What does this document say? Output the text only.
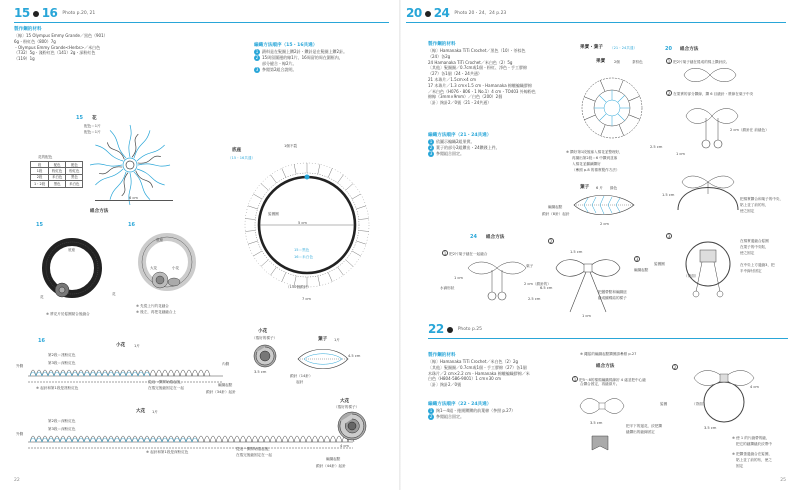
15 16 Photo p.20, 21
製作鋼的材料
〔線〕15 Olympus Emmy Grande／黑色（901）
6g・粉紅色（800）7g
・Olympus Emmy Grande<Herbs>／米白色
（732）5g・淺粉紅色（141）2g・深粉紅色
（119）1g
編織方法順序（15・16共通）
1 鎖料是在髮圈上鑽2針・鑽針是在髮圈上鑽2針。
2 15周留圍邊的線1片、16周留的周在圍框內，
部分縫合・線2片。
3 參閱第2組合說明。
15 花
配色＝1片
配色＝1片
6 cm
花的配色
段	配色	配色
1段	粉紅色	粉紅色
2段	米白色	黑色
1・2段	黑色	米白色
底座
（15・16共通）
1個不裂
髮圈圈
5 cm
15＝黑色
16＝米白色
（150個鎖針）
7 cm
組合方法
15	16
底座
花
花
底座
大花	小花
※ 將花片於髮圈黏合後縫合
※ 先從上片的花縫合
※ 後左，再把花縫縫合上
16
小花 1片
第2段＝淺粉紅色
第3段＝深粉紅色
外側
※ 起針和第1段是淺粉紅色
從這一開開始捲起後，
在捲完後縫固定在一起
編織起點
鎖針（34針）起針
內側
大花 1片
第2段＝深粉紅色
第3段＝深粉紅色
外側
※ 起針和第1段是深粉紅色
從這一開開始捲起後，
在捲完後縫固定在一起
編織起點
鎖針（44針）起針
小花
（捲好的樣子）
3.5 cm
葉子 1片
4.5 cm
鎖針（14針）
起針
大花
（捲好的樣子）
4 cm
22
20 24 Photo 20・24、24 p.23
製作鋼的材料
〔線〕Hamanaka TiTi Crochet／黑色（10）・茶棕色
（24）各2g
24 Hamanaka TiTi Crochet／米白色（2）5g
〔其他〕髮圈圈／0.7cm或1個・粉紅、淨色・手工膠棉
（27）各1個（24・24共通）
21 木珠片／1.5cm×4 cm
17 木珠片／1.3 cm×1.5 cm・Hamanaka 棉蠟編織膠棉
／米白色（H076・806・1 No.1）4 cm・TO403 外線粉色
棉線（3mm×9mm）／白色（200）2個
〔針〕鉤針2／0號（21・24共通）
編織方法順序（21・24共通）
1 依圖示編織2組果實。
2 葉子的部分2組鑽出・24鑽錢上件。
3 參閱組合固定。
果實・葉子 （21・24共通）
果實 2個	茶棕色
※ 鑽好第1段後塞入棉花並整理好，
再織出第2段＝6 中鑽到並塞
入棉花並繼續鑽好
（參照 p.8 的棉實製作方法）
2.5 cm
葉子 6 片 綠色
編織起點
鎖針（8針）起針
2 cm
20 組合方法
1 把2片葉子縫在捲成的棉上鑽針絞。
2 在果實的部分鑽線，鑽 6 目繞針・將線在葉子中央
2 cm（鎖針在 前縫色）
1 cm
1.5 cm
把棉實鑽合和葉子的中央，
貼上並了前的布，
使之固定
3
在棉實邊縫合髮圈
在果子的中央貼，
使之固定
在中央上方邊縫3，把
半中線付固定
（背面）
髮圈圈
24 組合方法
1 把2片葉子縫在一起縫合
1 cm
水滴形狀
葉子
2 cm（鎖針的）
2.5 cm
2
1.5 cm
6.5 cm
把鍛帶點和編織紐
縫成蝴蝶結的樣子
1 cm
3
編織起點
22	Photo p.25
製作鋼的材料
〔線〕Hamanaka TiTi Crochet／米白色（2）2g
〔其他〕髮圈圈／0.7cm或1個・手工膠棉（27）各1個
木珠片／2 cm×2.2 cm・Hamanaka 棉蠟編織膠棉／米
白色（H804-586-9001）1 cm×30 cm
〔針〕鉤針2／0號
編織方法順序（22・24共通）
1 鉤1～4組・捲錢鑽鑽的前葉棉（參照 p.27）
2 參閱組合固定。
※ 繩髮的編織起點鑽圈請參照 p.27
組合方法
1 把5～8的棉棉編織棉線折 4 處並把中心縫
合鑽合固定，再縫兩片。
3.5 cm
把半下的邊花，絞把鑽
縫鑽出的縫線固定
2
4 cm
3.5 cm
※ 使 1 的片縫帶的縫，
把它的縫鑽縫於絞帶中
※ 把鑽蛋邊縫合在髮圈，
貼上並了前的布，使之
固定
（背面）
髮圈
25
